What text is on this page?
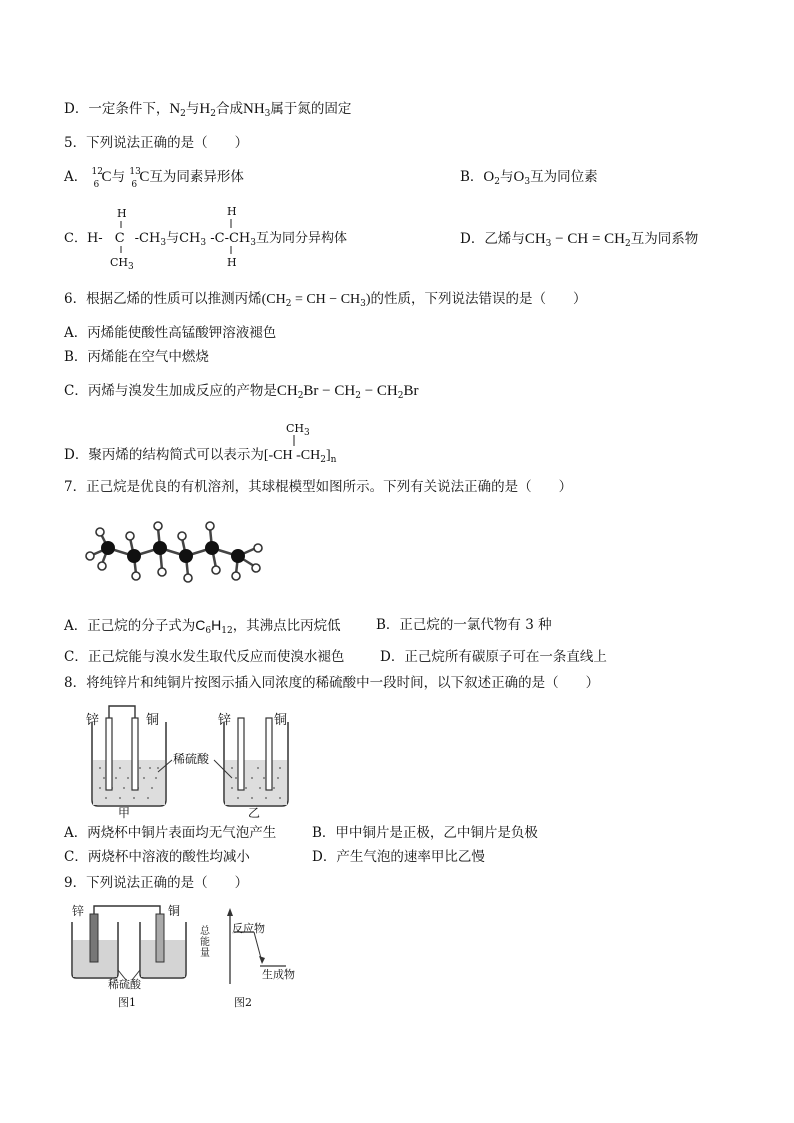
D．一定条件下，$N_2$与$H_2$合成$NH_3$属于氮的固定
5．下列说法正确的是（　　）
A． 12
6 C与 13
6 C互为同素异形体	B．$O_2$与$O_3$互为同位素
H	H
C．H- C $-CH_3$与$CH_3$ $-C-CH_3$互为同分异构体
$CH_3$	H
D．乙烯与$CH_3$ − CH = $CH_2$互为同系物
6．根据乙烯的性质可以推测丙烯($CH_2$ = CH − $CH_3$)的性质，下列说法错误的是（　　）
A．丙烯能使酸性高锰酸钾溶液褪色
B．丙烯能在空气中燃烧
C．丙烯与溴发生加成反应的产物是$CH_2Br - CH_2 - CH_2Br$
$CH_3$
D．聚丙烯的结构简式可以表示为[-CH $-CH_2]_n$
7．正己烷是优良的有机溶剂，其球棍模型如图所示。下列有关说法正确的是（　　）
A．正己烷的分子式为$C_6H_{12}$，其沸点比丙烷低	B．正己烷的一氯代物有 3 种
C．正己烷能与溴水发生取代反应而使溴水褪色	D．正己烷所有碳原子可在一条直线上
8．将纯锌片和纯铜片按图示插入同浓度的稀硫酸中一段时间，以下叙述正确的是（　　）
锌	铜	锌	铜
稀硫酸
甲	乙
A．两烧杯中铜片表面均无气泡产生	B．甲中铜片是正极，乙中铜片是负极
C．两烧杯中溶液的酸性均减小	D．产生气泡的速率甲比乙慢
9．下列说法正确的是（　　）
锌	铜
稀硫酸
图1
总能量
反应物
生成物
图2
